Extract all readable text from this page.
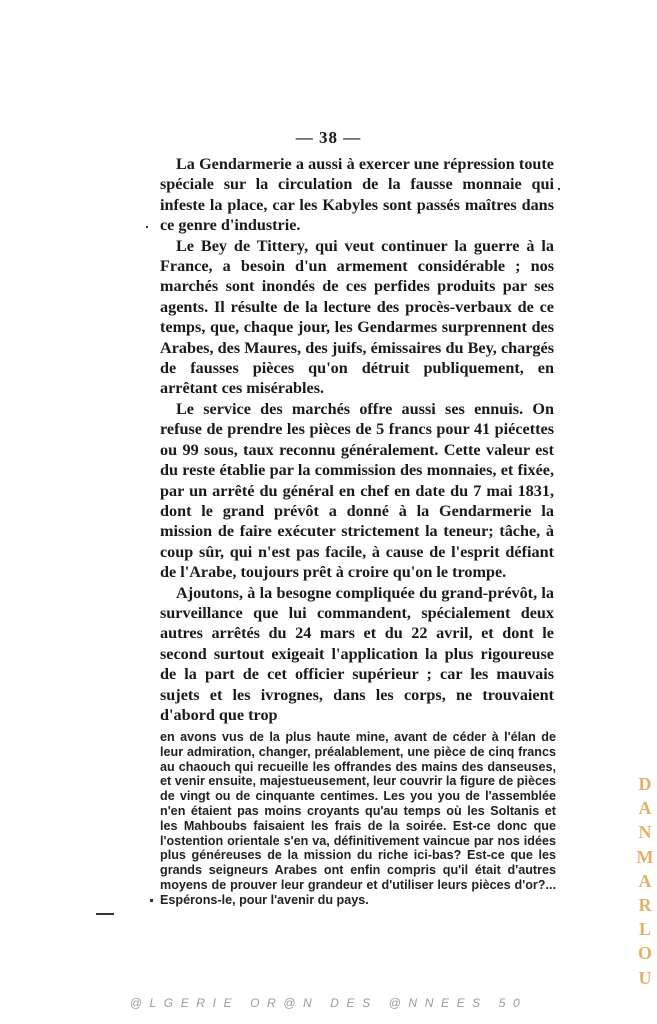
— 38 —

La Gendarmerie a aussi à exercer une répression toute spéciale sur la circulation de la fausse monnaie qui infeste la place, car les Kabyles sont passés maîtres dans ce genre d'industrie.

Le Bey de Tittery, qui veut continuer la guerre à la France, a besoin d'un armement considérable ; nos marchés sont inondés de ces perfides produits par ses agents. Il résulte de la lecture des procès-verbaux de ce temps, que, chaque jour, les Gendarmes surprennent des Arabes, des Maures, des juifs, émissaires du Bey, chargés de fausses pièces qu'on détruit publiquement, en arrêtant ces misérables.

Le service des marchés offre aussi ses ennuis. On refuse de prendre les pièces de 5 francs pour 41 piécettes ou 99 sous, taux reconnu généralement. Cette valeur est du reste établie par la commission des monnaies, et fixée, par un arrêté du général en chef en date du 7 mai 1831, dont le grand prévôt a donné à la Gendarmerie la mission de faire exécuter strictement la teneur; tâche, à coup sûr, qui n'est pas facile, à cause de l'esprit défiant de l'Arabe, toujours prêt à croire qu'on le trompe.

Ajoutons, à la besogne compliquée du grand-prévôt, la surveillance que lui commandent, spécialement deux autres arrêtés du 24 mars et du 22 avril, et dont le second surtout exigeait l'application la plus rigoureuse de la part de cet officier supérieur ; car les mauvais sujets et les ivrognes, dans les corps, ne trouvaient d'abord que trop

en avons vus de la plus haute mine, avant de céder à l'élan de leur admiration, changer, préalablement, une pièce de cinq francs au chaouch qui recueille les offrandes des mains des danseuses, et venir ensuite, majestueusement, leur couvrir la figure de pièces de vingt ou de cinquante centimes. Les you you de l'assemblée n'en étaient pas moins croyants qu'au temps où les Soltanis et les Mahboubs faisaient les frais de la soirée. Est-ce donc que l'ostention orientale s'en va, définitivement vaincue par nos idées plus généreuses de la mission du riche ici-bas? Est-ce que les grands seigneurs Arabes ont enfin compris qu'il était d'autres moyens de prouver leur grandeur et d'utiliser leurs pièces d'or?... Espérons-le, pour l'avenir du pays.

D
A
N
M
A
R
L
O
U
@LGERIE OR@N DES @NNEES 50
